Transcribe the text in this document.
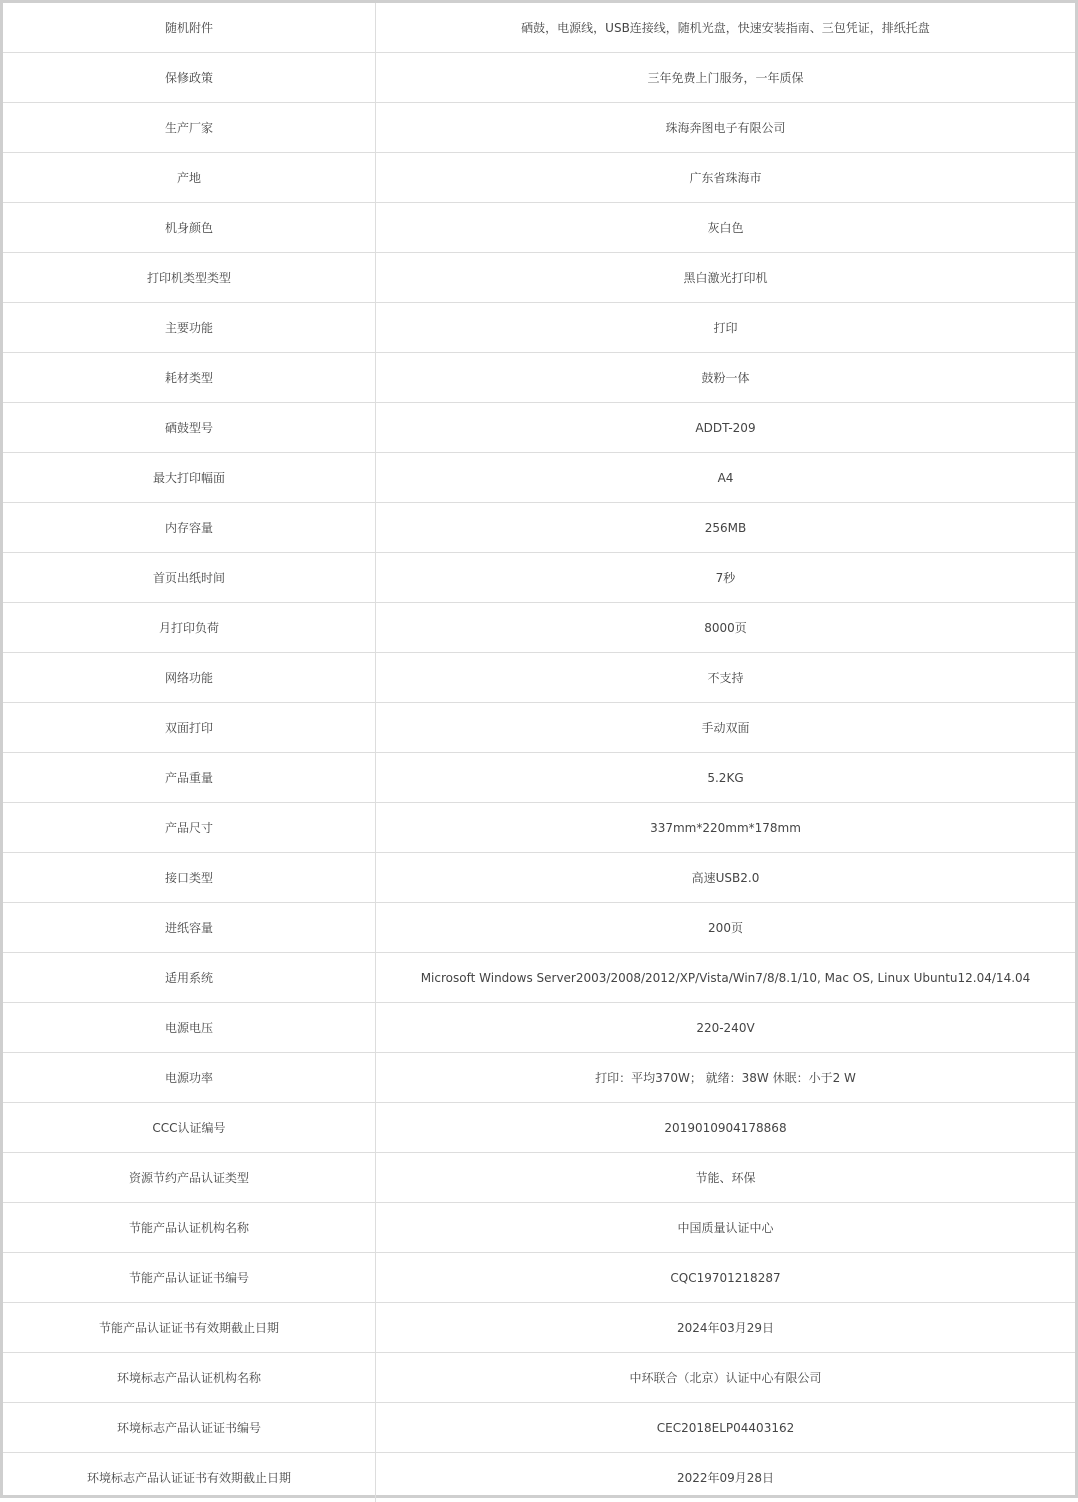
随机附件	硒鼓，电源线，USB连接线，随机光盘，快速安装指南、三包凭证，排纸托盘
保修政策	三年免费上门服务，一年质保
生产厂家	珠海奔图电子有限公司
产地	广东省珠海市
机身颜色	灰白色
打印机类型类型	黑白激光打印机
主要功能	打印
耗材类型	鼓粉一体
硒鼓型号	ADDT-209
最大打印幅面	A4
内存容量	256MB
首页出纸时间	7秒
月打印负荷	8000页
网络功能	不支持
双面打印	手动双面
产品重量	5.2KG
产品尺寸	337mm*220mm*178mm
接口类型	高速USB2.0
进纸容量	200页
适用系统	Microsoft Windows Server2003/2008/2012/XP/Vista/Win7/8/8.1/10, Mac OS, Linux Ubuntu12.04/14.04
电源电压	220-240V
电源功率	打印：平均370W； 就绪：38W 休眠：小于2 W
CCC认证编号	2019010904178868
资源节约产品认证类型	节能、环保
节能产品认证机构名称	中国质量认证中心
节能产品认证证书编号	CQC19701218287
节能产品认证证书有效期截止日期	2024年03月29日
环境标志产品认证机构名称	中环联合（北京）认证中心有限公司
环境标志产品认证证书编号	CEC2018ELP04403162
环境标志产品认证证书有效期截止日期	2022年09月28日
